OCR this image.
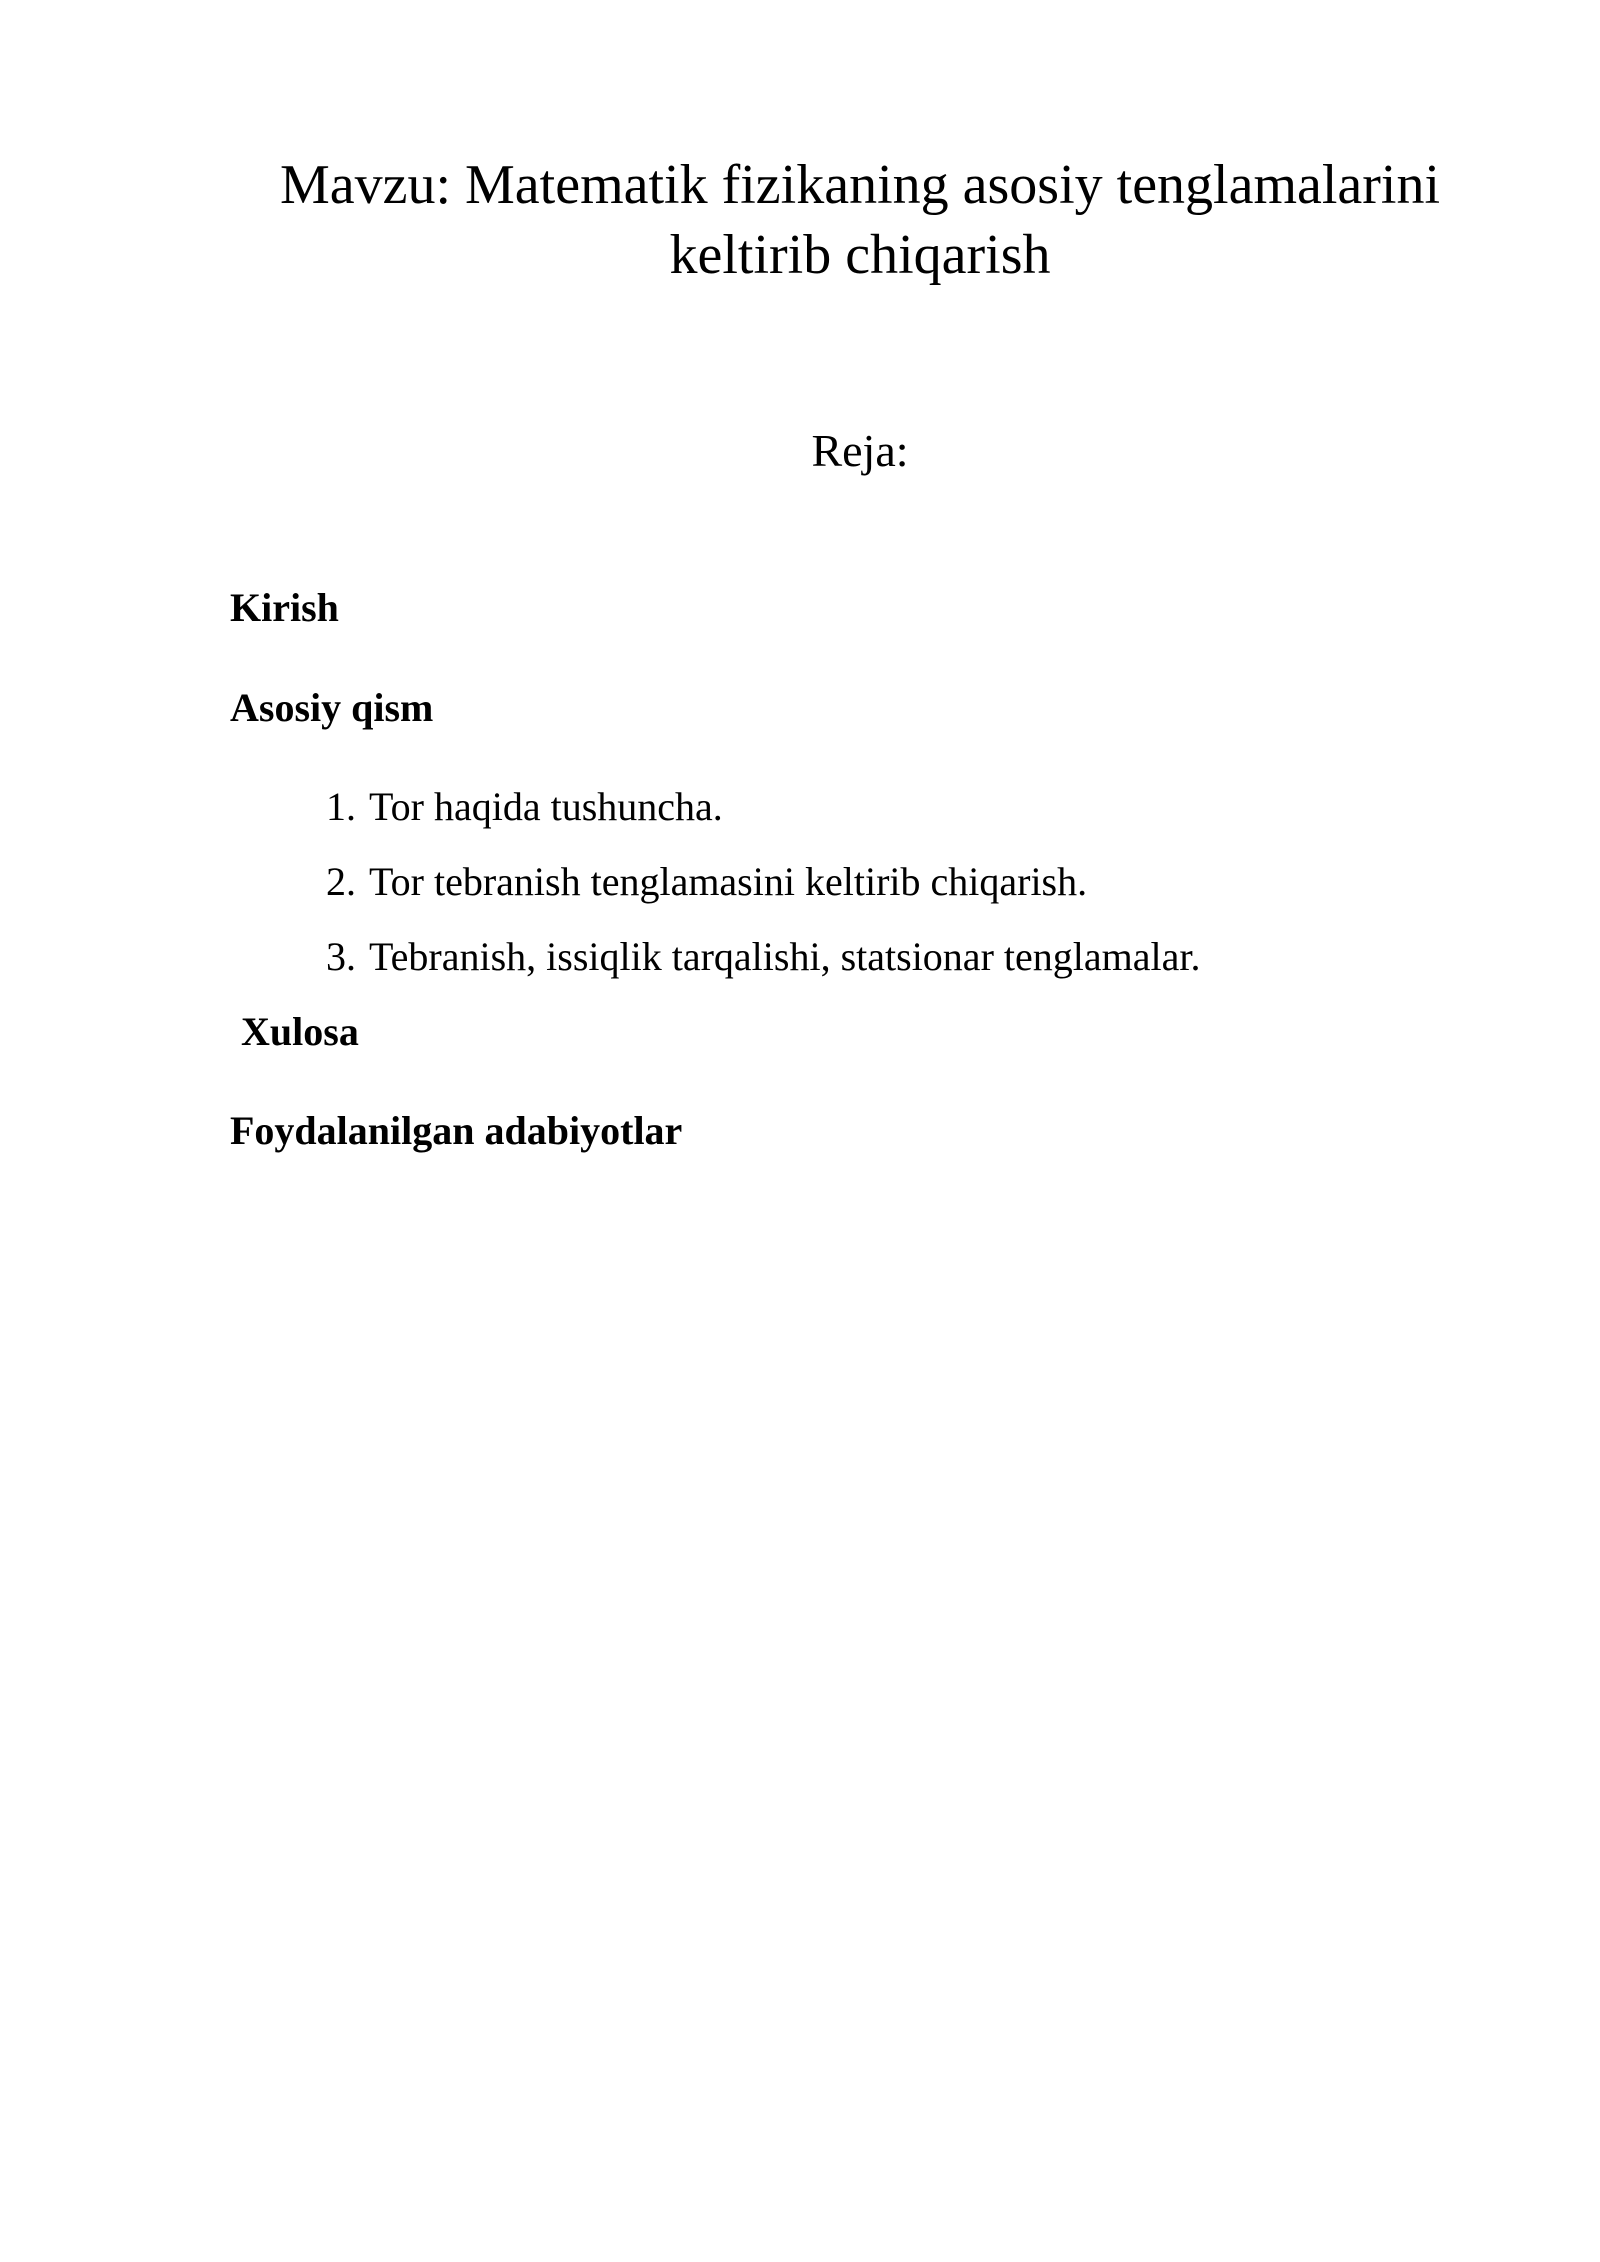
Mavzu: Matematik fizikaning asosiy tenglamalarini
keltirib chiqarish

Reja:

Kirish

Asosiy qism

1. Tor haqida tushuncha.

2. Tor tebranish tenglamasini keltirib chiqarish.

3. Tebranish, issiqlik tarqalishi, statsionar tenglamalar.

Xulosa

Foydalanilgan adabiyotlar
